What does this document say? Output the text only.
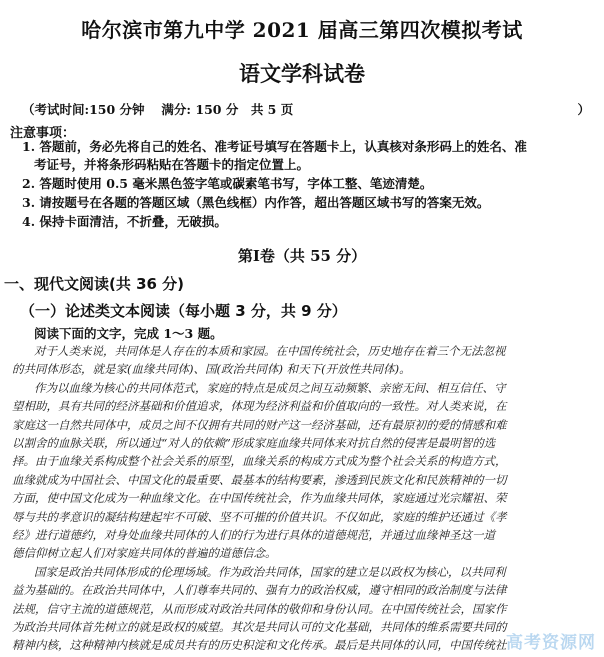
哈尔滨市第九中学 2021 届高三第四次模拟考试
语文学科试卷
（考试时间:150 分钟　 满分: 150 分　共 5 页	）
注意事项：
1. 答题前，务必先将自己的姓名、准考证号填写在答题卡上，认真核对条形码上的姓名、准
考证号，并将条形码粘贴在答题卡的指定位置上。
2. 答题时使用 0.5 毫米黑色签字笔或碳素笔书写，字体工整、笔迹清楚。
3. 请按题号在各题的答题区域（黑色线框）内作答，超出答题区域书写的答案无效。
4. 保持卡面清洁，不折叠，无破损。
第Ⅰ卷（共 55 分）
一、现代文阅读(共 36 分)
（一）论述类文本阅读（每小题 3 分，共 9 分）
阅读下面的文字，完成 1～3 题。
对于人类来说，共同体是人存在的本质和家园。在中国传统社会，历史地存在着三个无法忽视
的共同体形态，就是家(血缘共同体)、国(政治共同体) 和天下(开放性共同体)。
作为以血缘为核心的共同体范式，家庭的特点是成员之间互动频繁、亲密无间、相互信任、守
望相助，具有共同的经济基础和价值追求，体现为经济利益和价值取向的一致性。对人类来说，在
家庭这一自然共同体中，成员之间不仅拥有共同的财产这一经济基础，还有最原初的爱的情感和难
以割舍的血脉关联，所以通过“对人的依赖”形成家庭血缘共同体来对抗自然的侵害是最明智的选
择。由于血缘关系构成整个社会关系的原型，血缘关系的构成方式成为整个社会关系的构造方式，
血缘就成为中国社会、中国文化的最重要、最基本的结构要素，渗透到民族文化和民族精神的一切
方面，使中国文化成为一种血缘文化。在中国传统社会，作为血缘共同体，家庭通过光宗耀祖、荣
辱与共的孝意识的凝结构建起牢不可破、坚不可摧的价值共识。不仅如此，家庭的维护还通过《孝
经》进行道德约，对身处血缘共同体的人们的行为进行具体的道德规范，并通过血缘神圣这一道
德信仰树立起人们对家庭共同体的普遍的道德信念。
国家是政治共同体形成的伦理场域。作为政治共同体，国家的建立是以政权为核心，以共同利
益为基础的。在政治共同体中，人们尊奉共同的、强有力的政治权威，遵守相同的政治制度与法律
法规，信守主流的道德规范，从而形成对政治共同体的敬仰和身份认同。在中国传统社会，国家作
为政治共同体首先树立的就是政权的威望。其次是共同认可的文化基础，共同体的维系需要共同的
精神内核，这种精神内核就是成员共有的历史积淀和文化传承。最后是共同体的认同，中国传统社 高考资源网
